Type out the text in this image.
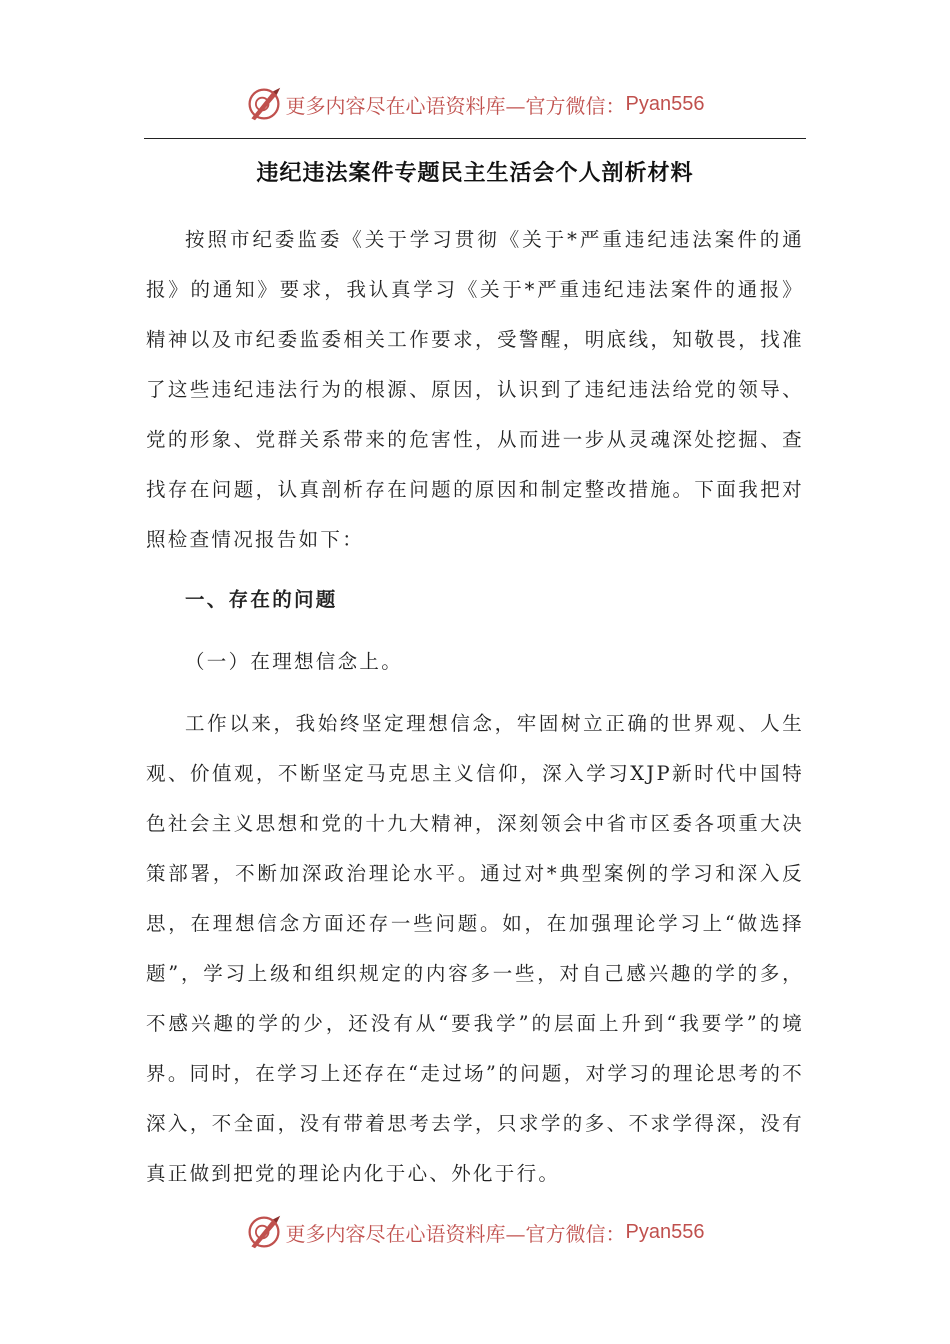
更多内容尽在心语资料库—官方微信： Pyan556
违纪违法案件专题民主生活会个人剖析材料

按照市纪委监委《关于学习贯彻《关于*严重违纪违法案件的通报》的通知》要求，我认真学习《关于*严重违纪违法案件的通报》精神以及市纪委监委相关工作要求，受警醒，明底线，知敬畏，找准了这些违纪违法行为的根源、原因，认识到了违纪违法给党的领导、党的形象、党群关系带来的危害性，从而进一步从灵魂深处挖掘、查找存在问题，认真剖析存在问题的原因和制定整改措施。下面我把对照检查情况报告如下：

一、存在的问题

（一）在理想信念上。

工作以来，我始终坚定理想信念，牢固树立正确的世界观、人生观、价值观，不断坚定马克思主义信仰，深入学习XJP新时代中国特色社会主义思想和党的十九大精神，深刻领会中省市区委各项重大决策部署，不断加深政治理论水平。通过对*典型案例的学习和深入反思，在理想信念方面还存一些问题。如，在加强理论学习上“做选择题”，学习上级和组织规定的内容多一些，对自己感兴趣的学的多，不感兴趣的学的少，还没有从“要我学”的层面上升到“我要学”的境界。同时，在学习上还存在“走过场”的问题，对学习的理论思考的不深入，不全面，没有带着思考去学，只求学的多、不求学得深，没有真正做到把党的理论内化于心、外化于行。

更多内容尽在心语资料库—官方微信： Pyan556
